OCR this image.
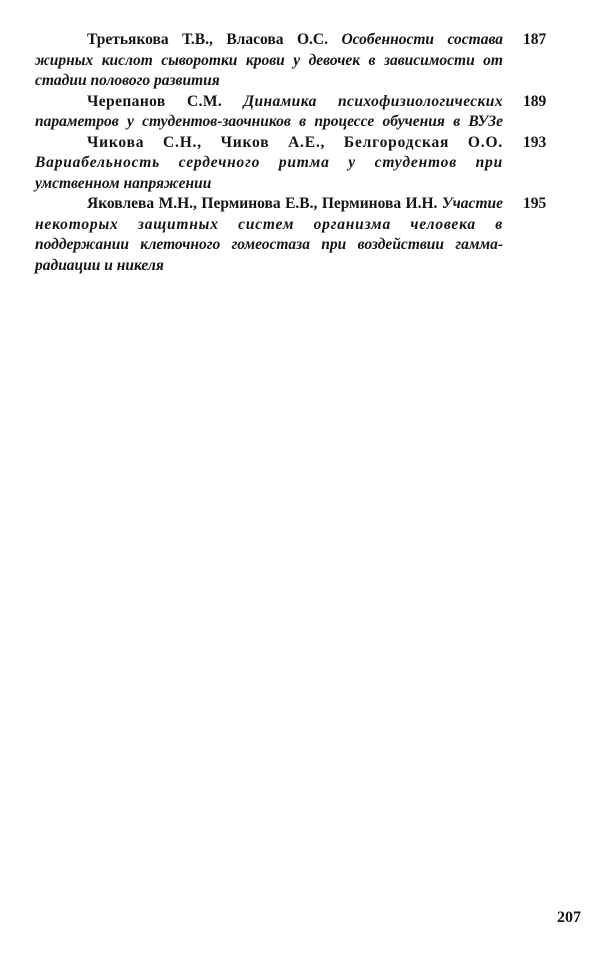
Третьякова Т.В., Власова О.С. Особенности состава
жирных кислот сыворотки крови у девочек в зависимости от
стадии полового развития
187
Черепанов С.М. Динамика психофизиологических
параметров у студентов-заочников в процессе обучения в ВУЗе
189
Чикова С.Н., Чиков А.Е., Белгородская О.О.
Вариабельность сердечного ритма у студентов при
умственном напряжении
193
Яковлева М.Н., Перминова Е.В., Перминова И.Н. Участие
некоторых защитных систем организма человека в
поддержании клеточного гомеостаза при воздействии гамма-
радиации и никеля
195
207
